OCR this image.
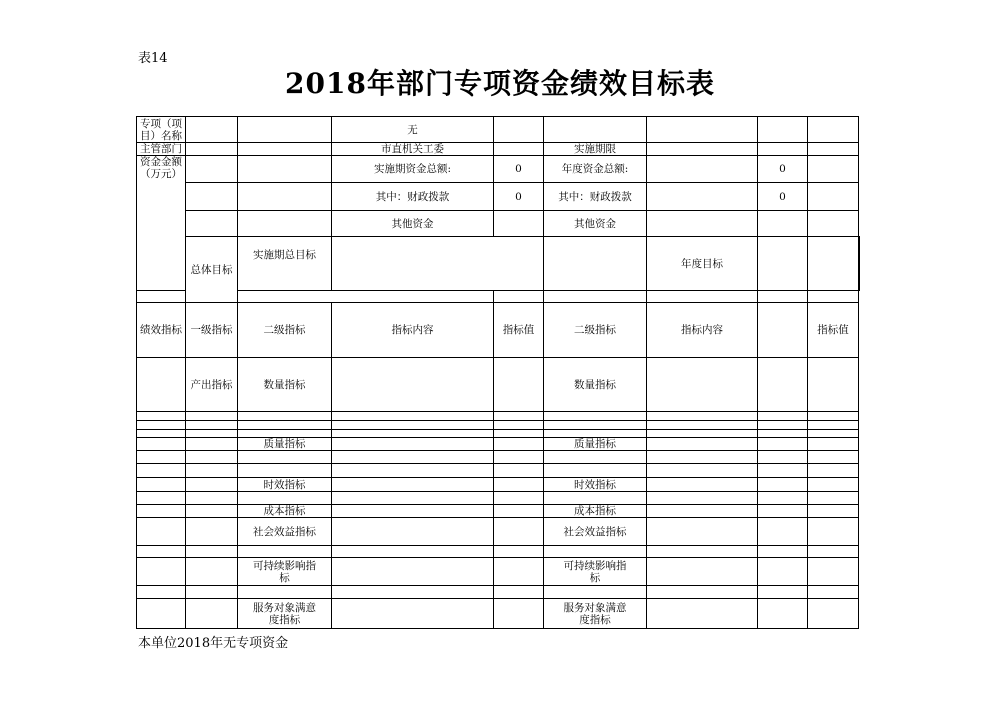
表14
2018年部门专项资金绩效目标表
专项（项目）名称			无						
主管部门			市直机关工委		实施期限				
资金金额（万元）			实施期资金总额:	0	年度资金总额:		0		
			其中：财政拨款	0	其中：财政拨款		0		
			其他资金		其他资金				
	总体目标	实施期总目标				年度目标			

绩效指标	一级指标	二级指标	指标内容	指标值	二级指标	指标内容		指标值	
	产出指标	数量指标			数量指标				

		质量指标			质量指标				

		时效指标			时效指标				

		成本指标			成本指标				
		社会效益指标			社会效益指标				

		可持续影响指标			可持续影响指标				

		服务对象满意度指标			服务对象满意度指标				
本单位2018年无专项资金
